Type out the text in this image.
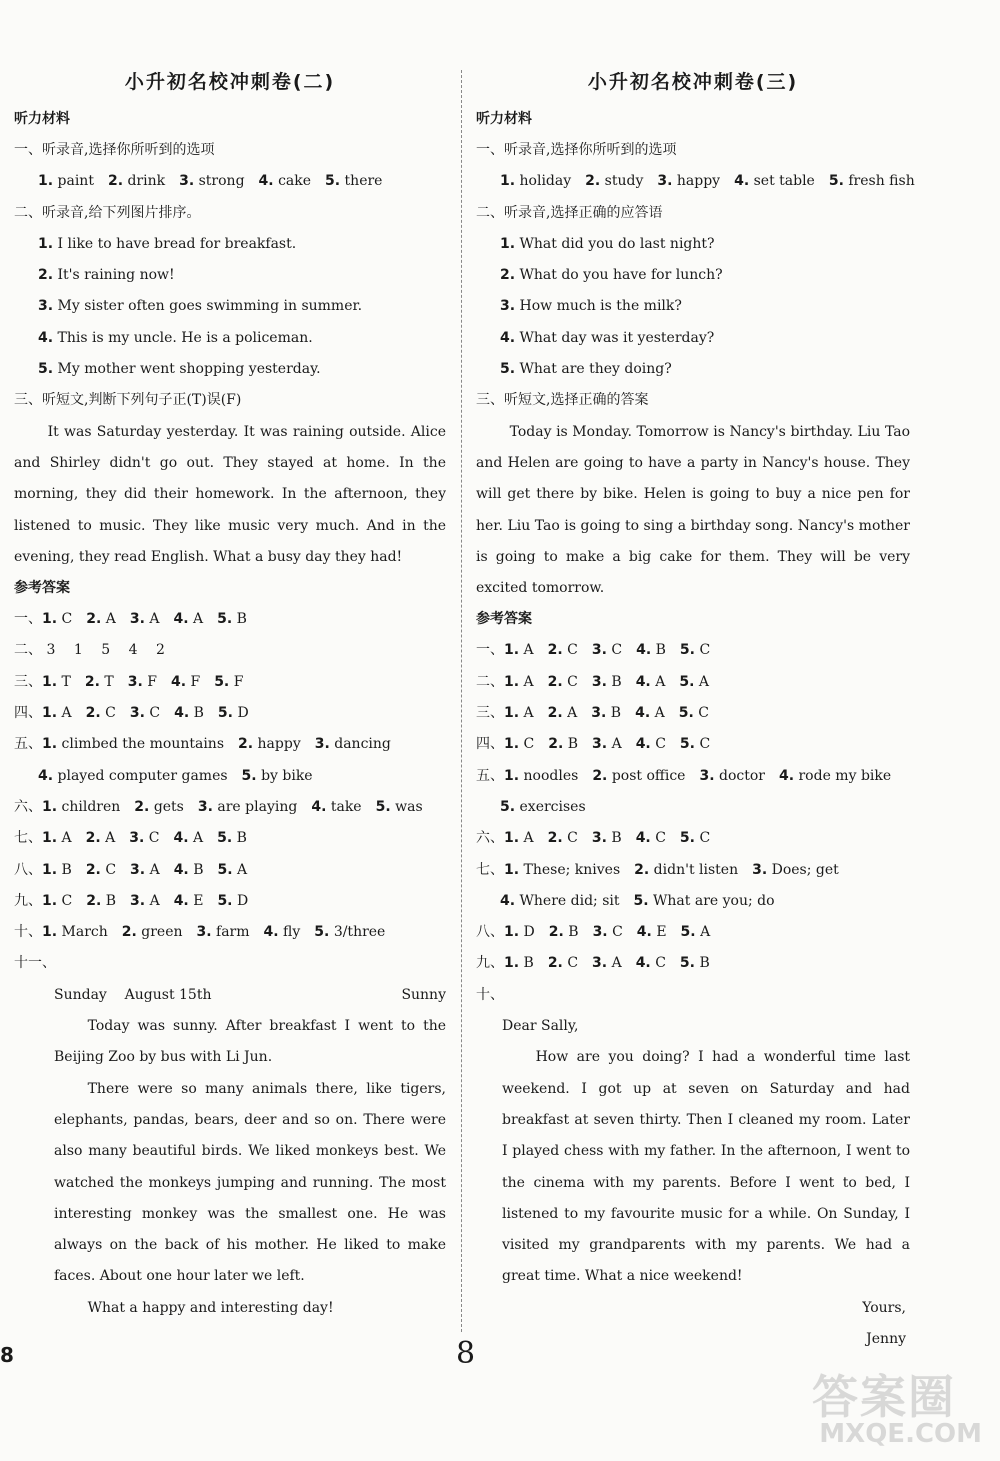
小升初名校冲刺卷(二)
听力材料
一、听录音,选择你所听到的选项
1. paint 2. drink 3. strong 4. cake 5. there
二、听录音,给下列图片排序。
1. I like to have bread for breakfast.
2. It's raining now!
3. My sister often goes swimming in summer.
4. This is my uncle. He is a policeman.
5. My mother went shopping yesterday.
三、听短文,判断下列句子正(T)误(F)

It was Saturday yesterday. It was raining outside. Alice and Shirley didn't go out. They stayed at home. In the morning, they did their homework. In the afternoon, they listened to music. They like music very much. And in the evening, they read English. What a busy day they had!

参考答案
一、1. C 2. A 3. A 4. A 5. B
二、 3 1 5 4 2
三、1. T 2. T 3. F 4. F 5. F
四、1. A 2. C 3. C 4. B 5. D
五、1. climbed the mountains 2. happy 3. dancing
4. played computer games 5. by bike
六、1. children 2. gets 3. are playing 4. take 5. was
七、1. A 2. A 3. C 4. A 5. B
八、1. B 2. C 3. A 4. B 5. A
九、1. C 2. B 3. A 4. E 5. D
十、1. March 2. green 3. farm 4. fly 5. 3/three
十一、
Sunday August 15th	Sunny

Today was sunny. After breakfast I went to the Beijing Zoo by bus with Li Jun.

There were so many animals there, like tigers, elephants, pandas, bears, deer and so on. There were also many beautiful birds. We liked monkeys best. We watched the monkeys jumping and running. The most interesting monkey was the smallest one. He was always on the back of his mother. He liked to make faces. About one hour later we left.

What a happy and interesting day!

小升初名校冲刺卷(三)
听力材料
一、听录音,选择你所听到的选项
1. holiday 2. study 3. happy 4. set table 5. fresh fish
二、听录音,选择正确的应答语
1. What did you do last night?
2. What do you have for lunch?
3. How much is the milk?
4. What day was it yesterday?
5. What are they doing?
三、听短文,选择正确的答案

Today is Monday. Tomorrow is Nancy's birthday. Liu Tao and Helen are going to have a party in Nancy's house. They will get there by bike. Helen is going to buy a nice pen for her. Liu Tao is going to sing a birthday song. Nancy's mother is going to make a big cake for them. They will be very excited tomorrow.

参考答案
一、1. A 2. C 3. C 4. B 5. C
二、1. A 2. C 3. B 4. A 5. A
三、1. A 2. A 3. B 4. A 5. C
四、1. C 2. B 3. A 4. C 5. C
五、1. noodles 2. post office 3. doctor 4. rode my bike
5. exercises
六、1. A 2. C 3. B 4. C 5. C
七、1. These; knives 2. didn't listen 3. Does; get
4. Where did; sit 5. What are you; do
八、1. D 2. B 3. C 4. E 5. A
九、1. B 2. C 3. A 4. C 5. B
十、
Dear Sally,

How are you doing? I had a wonderful time last weekend. I got up at seven on Saturday and had breakfast at seven thirty. Then I cleaned my room. Later I played chess with my father. In the afternoon, I went to the cinema with my parents. Before I went to bed, I listened to my favourite music for a while. On Sunday, I visited my grandparents with my parents. We had a great time. What a nice weekend!

Yours,
Jenny
8
8
答案圈
MXQE.COM
